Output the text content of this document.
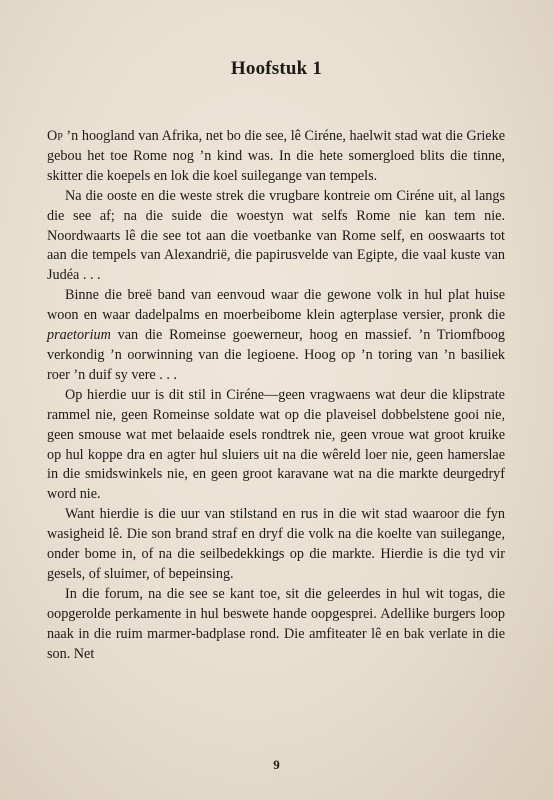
Hoofstuk 1

Op ’n hoogland van Afrika, net bo die see, lê Ciréne, haelwit stad wat die Grieke gebou het toe Rome nog ’n kind was. In die hete somergloed blits die tinne, skitter die koepels en lok die koel suilegange van tempels.

Na die ooste en die weste strek die vrugbare kontreie om Ciréne uit, al langs die see af; na die suide die woestyn wat selfs Rome nie kan tem nie. Noordwaarts lê die see tot aan die voetbanke van Rome self, en ooswaarts tot aan die tempels van Alexandrië, die papirusvelde van Egipte, die vaal kuste van Judéa . . .

Binne die breë band van eenvoud waar die gewone volk in hul plat huise woon en waar dadelpalms en moerbeibome klein agterplase versier, pronk die praetorium van die Romeinse goewerneur, hoog en massief. ’n Triomfboog verkondig ’n oorwinning van die legioene. Hoog op ’n toring van ’n basiliek roer ’n duif sy vere . . .

Op hierdie uur is dit stil in Ciréne—geen vragwaens wat deur die klipstrate rammel nie, geen Romeinse soldate wat op die plaveisel dobbelstene gooi nie, geen smouse wat met belaaide esels rondtrek nie, geen vroue wat groot kruike op hul koppe dra en agter hul sluiers uit na die wêreld loer nie, geen hamerslae in die smidswinkels nie, en geen groot karavane wat na die markte deurgedryf word nie.

Want hierdie is die uur van stilstand en rus in die wit stad waaroor die fyn wasigheid lê. Die son brand straf en dryf die volk na die koelte van suilegange, onder bome in, of na die seilbedekkings op die markte. Hierdie is die tyd vir gesels, of sluimer, of bepeinsing.

In die forum, na die see se kant toe, sit die geleerdes in hul wit togas, die oopgerolde perkamente in hul beswete hande oopgesprei. Adellike burgers loop naak in die ruim marmer-badplase rond. Die amfiteater lê en bak verlate in die son. Net

9
